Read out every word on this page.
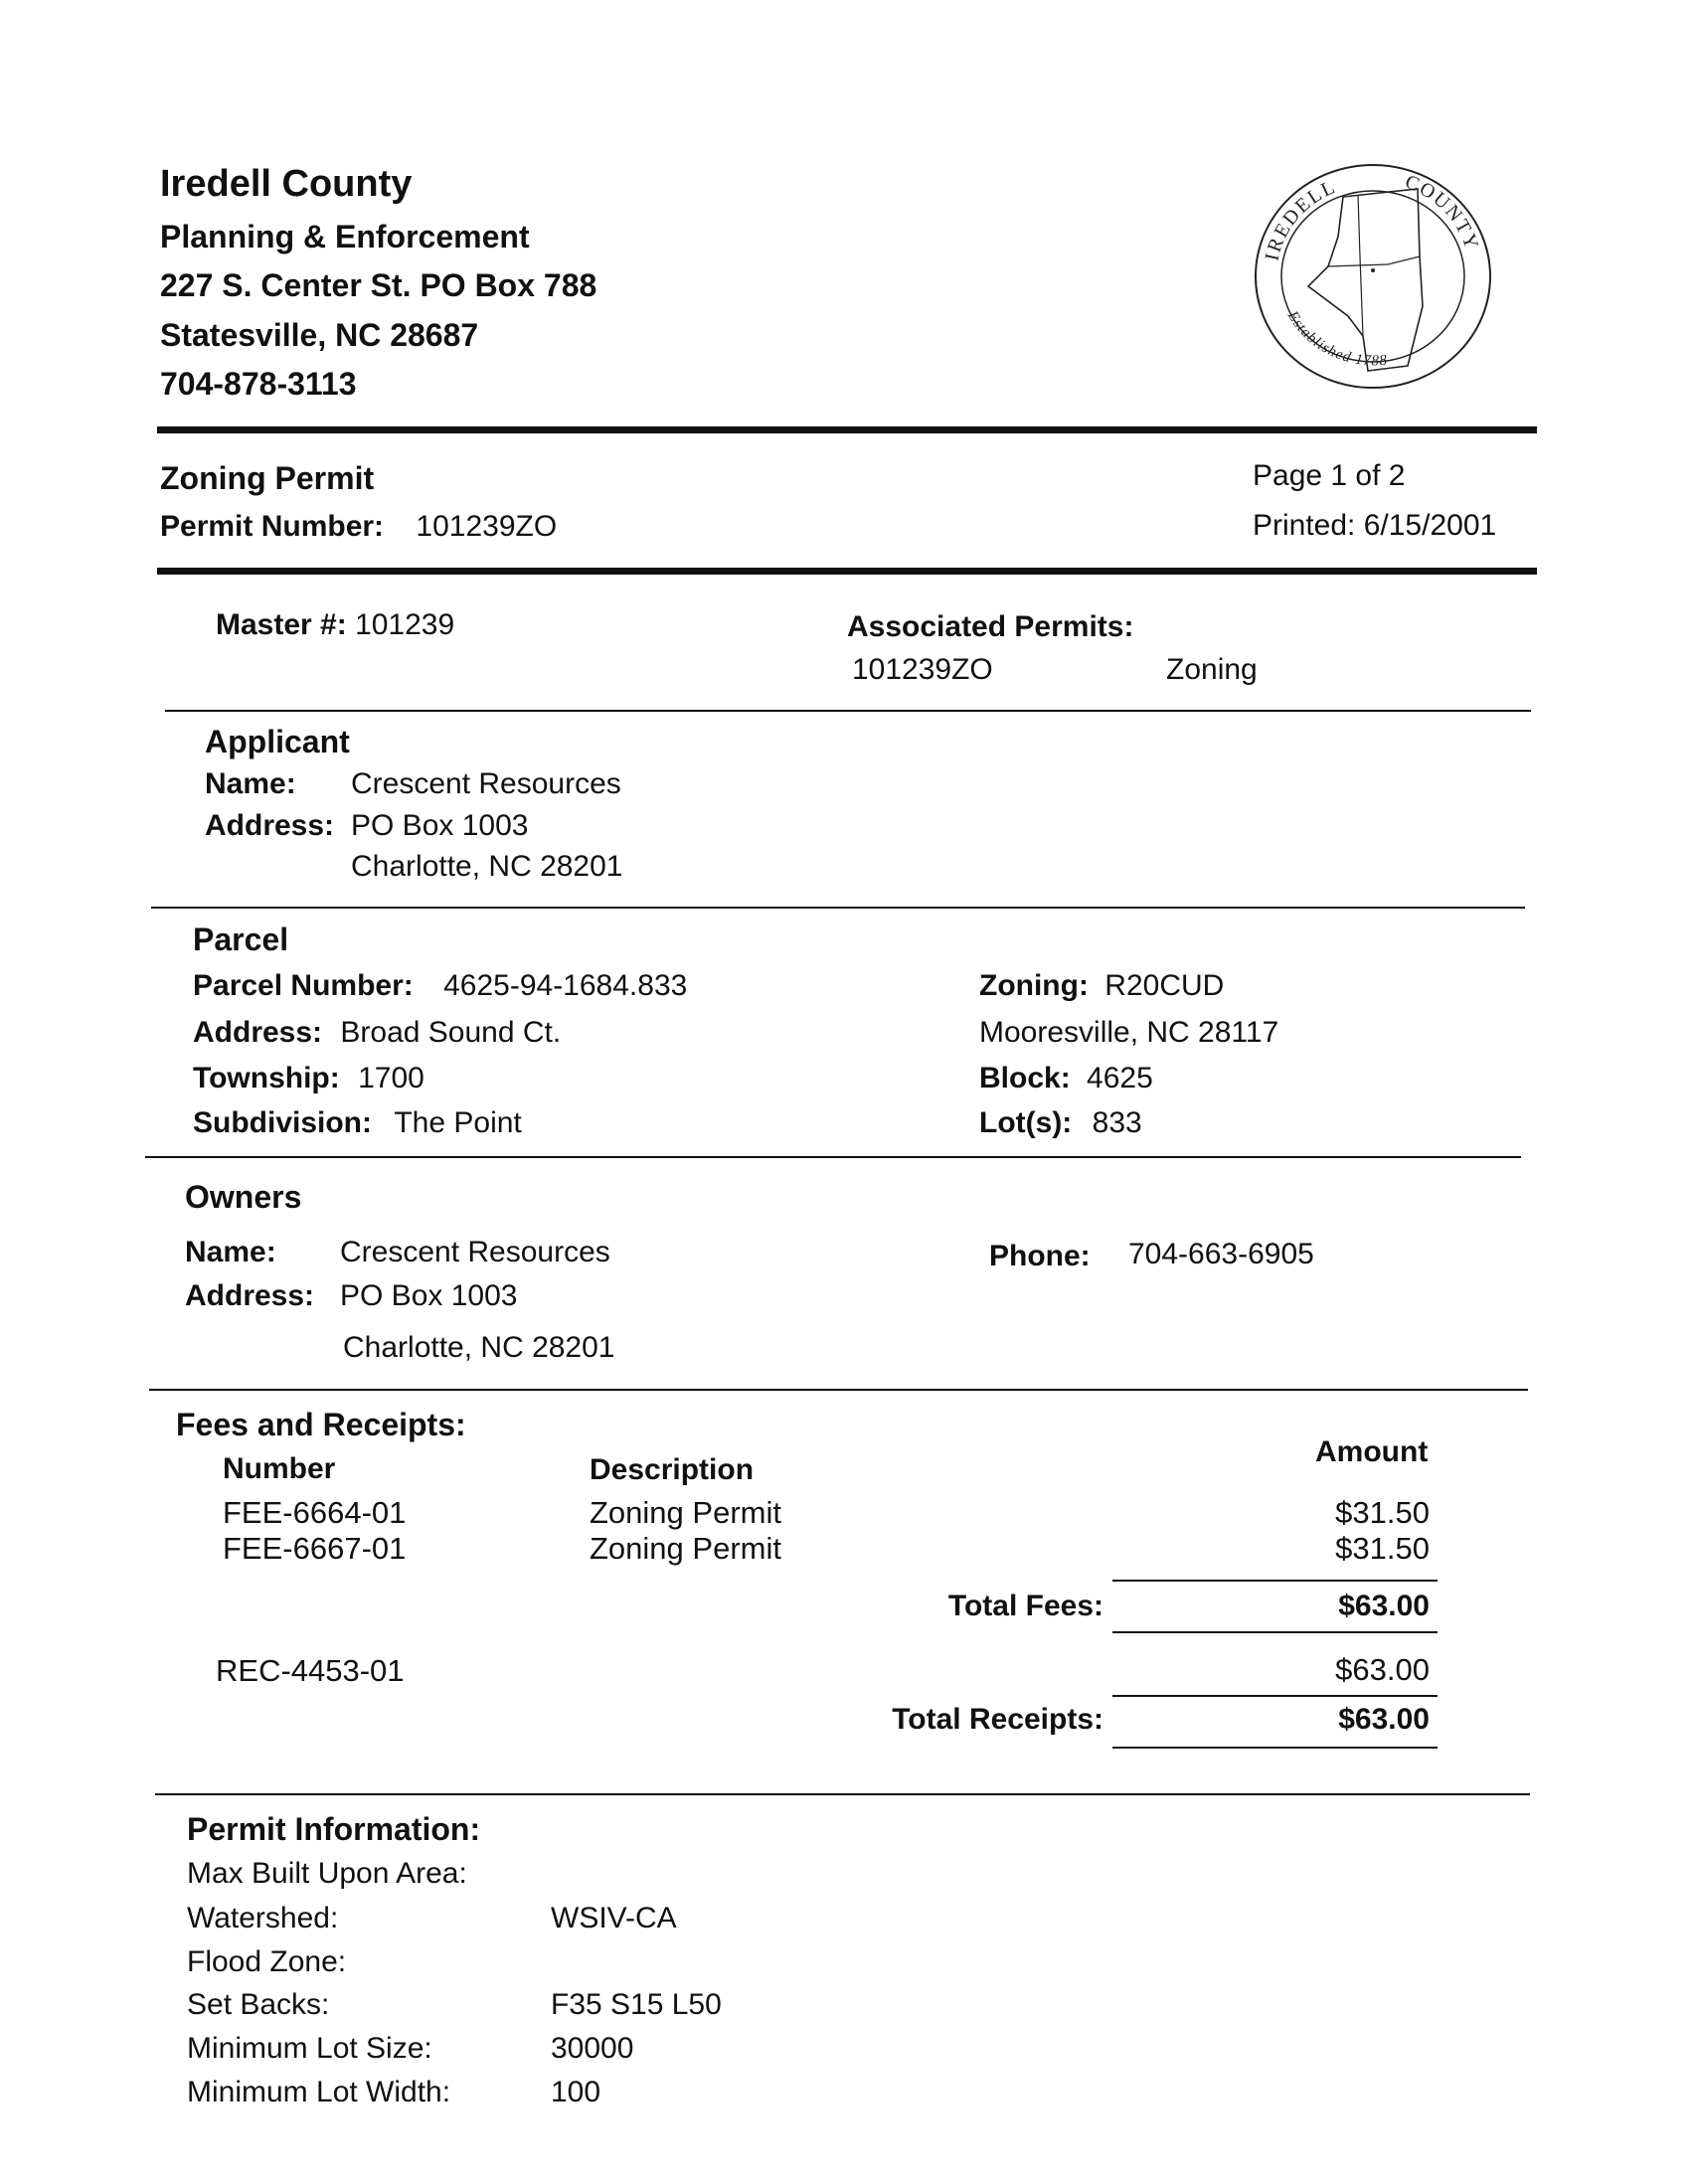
Iredell County
Planning & Enforcement
227 S. Center St. PO Box 788
Statesville, NC 28687
704-878-3113
IREDELL	COUNTY
Established 1788
Zoning Permit
Permit Number: 101239ZO
Page 1 of 2
Printed: 6/15/2001
Master #: 101239	Associated Permits:
101239ZO	Zoning
Applicant
Name: Crescent Resources
Address: PO Box 1003
Charlotte, NC 28201
Parcel
Parcel Number: 4625-94-1684.833
Address: Broad Sound Ct.
Township: 1700
Subdivision: The Point
Zoning: R20CUD
Mooresville, NC 28117
Block: 4625
Lot(s): 833
Owners
Name: Crescent Resources
Address: PO Box 1003
Charlotte, NC 28201
Phone: 704-663-6905
Fees and Receipts:
Number	Description
Amount
FEE-6664-01	Zoning Permit	$31.50
FEE-6667-01	Zoning Permit	$31.50
Total Fees:	$63.00
REC-4453-01	$63.00
Total Receipts:	$63.00
Permit Information:
Max Built Upon Area:
Watershed:	WSIV-CA
Flood Zone:
Set Backs:	F35 S15 L50
Minimum Lot Size:	30000
Minimum Lot Width:	100
